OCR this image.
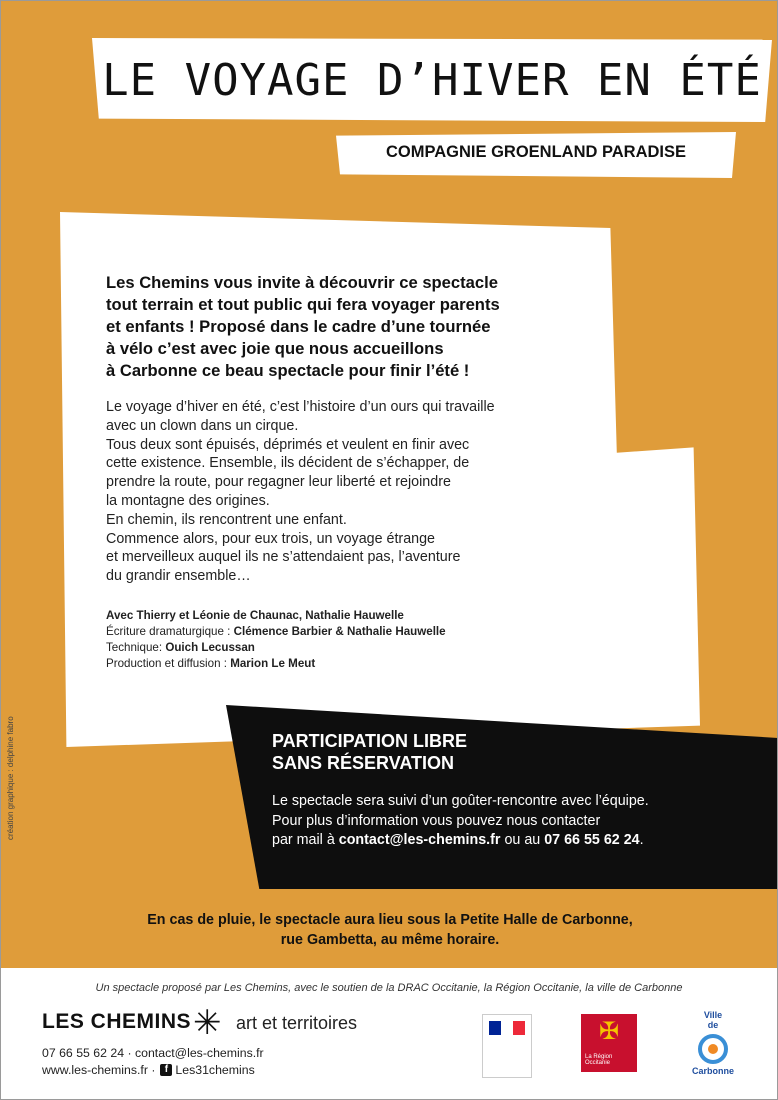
LE VOYAGE D’HIVER EN ÉTÉ
COMPAGNIE GROENLAND PARADISE
Les Chemins vous invite à découvrir ce spectacle
tout terrain et tout public qui fera voyager parents
et enfants ! Proposé dans le cadre d’une tournée
à vélo c’est avec joie que nous accueillons
à Carbonne ce beau spectacle pour finir l’été !

Le voyage d’hiver en été, c’est l’histoire d’un ours qui travaille

avec un clown dans un cirque.

Tous deux sont épuisés, déprimés et veulent en finir avec

cette existence. Ensemble, ils décident de s’échapper, de

prendre la route, pour regagner leur liberté et rejoindre

la montagne des origines.

En chemin, ils rencontrent une enfant.

Commence alors, pour eux trois, un voyage étrange

et merveilleux auquel ils ne s’attendaient pas, l’aventure

du grandir ensemble…

Avec Thierry et Léonie de Chaunac, Nathalie Hauwelle

Écriture dramaturgique : Clémence Barbier & Nathalie Hauwelle

Technique: Ouich Lecussan

Production et diffusion : Marion Le Meut

PARTICIPATION LIBRE
SANS RÉSERVATION

Le spectacle sera suivi d’un goûter-rencontre avec l’équipe.

Pour plus d’information vous pouvez nous contacter

par mail à contact@les-chemins.fr ou au 07 66 55 62 24.

En cas de pluie, le spectacle aura lieu sous la Petite Halle de Carbonne,

rue Gambetta, au même horaire.

création graphique : delphine fabro
Un spectacle proposé par Les Chemins, avec le soutien de la DRAC Occitanie, la Région Occitanie, la ville de Carbonne
LES CHEMINS ✳ art et territoires
07 66 55 62 24 · contact@les-chemins.fr
www.les-chemins.fr · f Les31chemins
✠
La Région Occitanie
Ville
de
Carbonne
